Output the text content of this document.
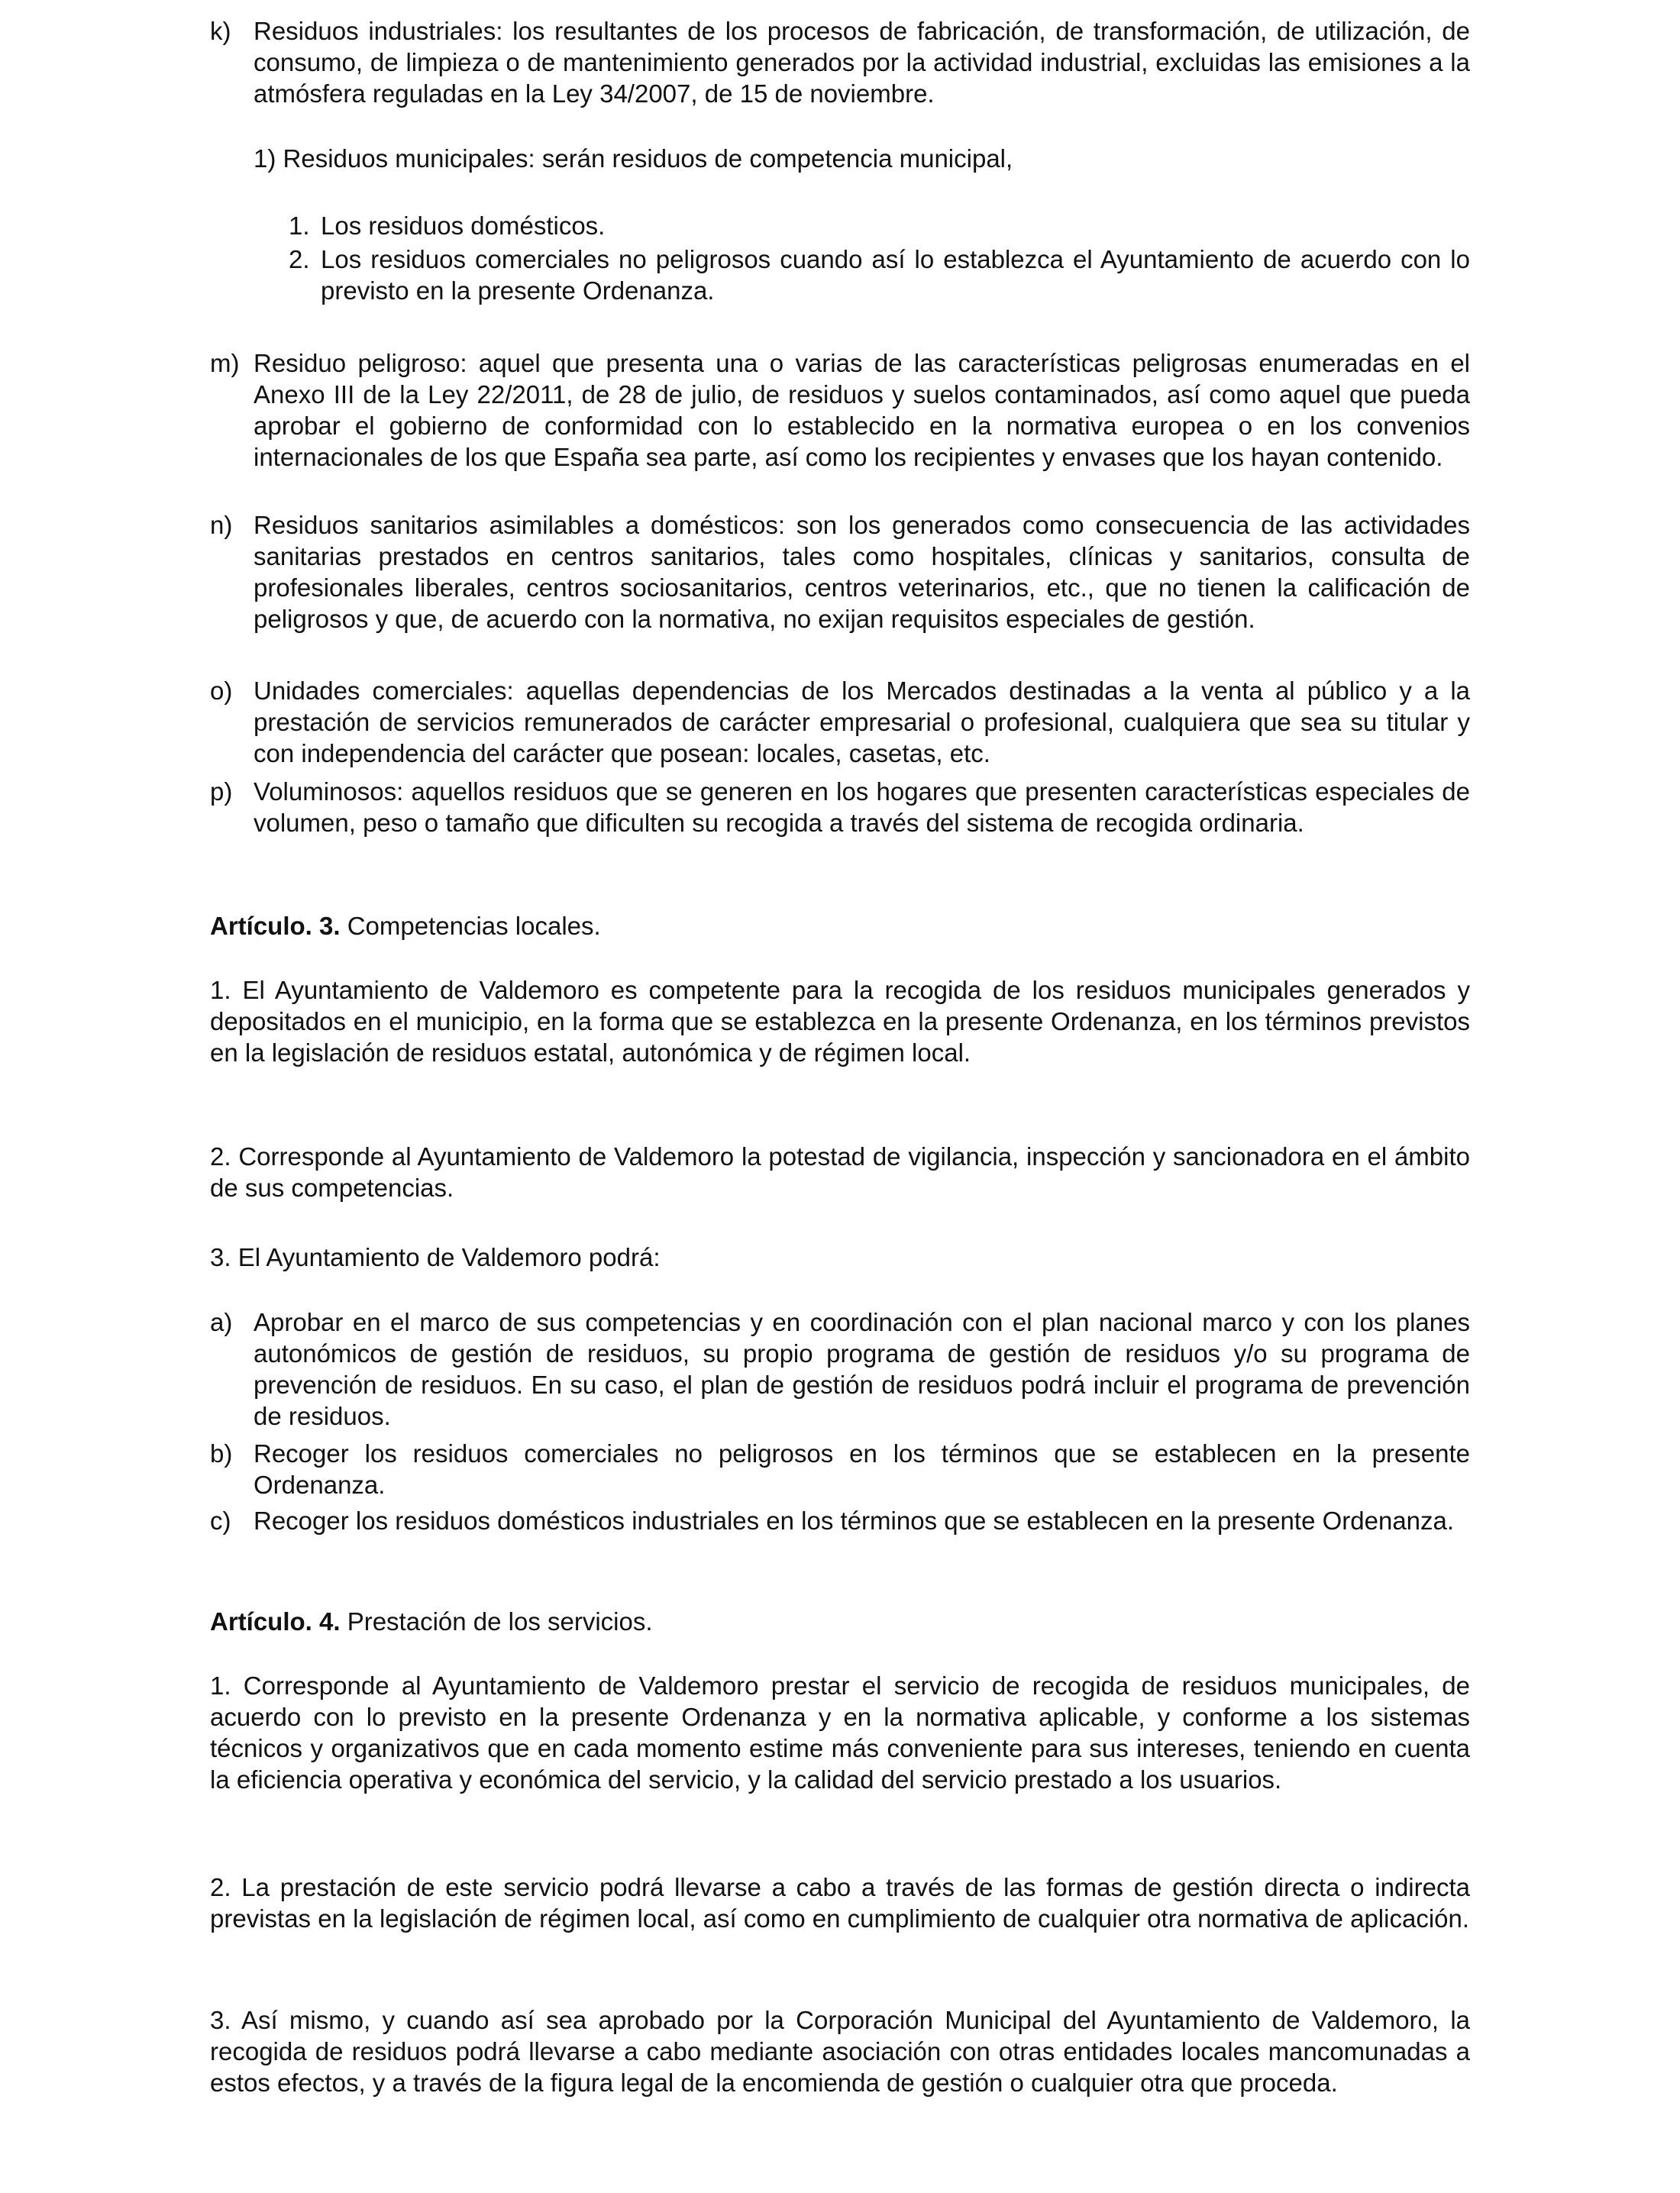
k) Residuos industriales: los resultantes de los procesos de fabricación, de transformación, de utilización, de consumo, de limpieza o de mantenimiento generados por la actividad industrial, excluidas las emisiones a la atmósfera reguladas en la Ley 34/2007, de 15 de noviembre.
1) Residuos municipales: serán residuos de competencia municipal,
1. Los residuos domésticos.
2. Los residuos comerciales no peligrosos cuando así lo establezca el Ayuntamiento de acuerdo con lo previsto en la presente Ordenanza.
m) Residuo peligroso: aquel que presenta una o varias de las características peligrosas enumeradas en el Anexo III de la Ley 22/2011, de 28 de julio, de residuos y suelos contaminados, así como aquel que pueda aprobar el gobierno de conformidad con lo establecido en la normativa europea o en los convenios internacionales de los que España sea parte, así como los recipientes y envases que los hayan contenido.
n) Residuos sanitarios asimilables a domésticos: son los generados como consecuencia de las actividades sanitarias prestados en centros sanitarios, tales como hospitales, clínicas y sanitarios, consulta de profesionales liberales, centros sociosanitarios, centros veterinarios, etc., que no tienen la calificación de peligrosos y que, de acuerdo con la normativa, no exijan requisitos especiales de gestión.
o) Unidades comerciales: aquellas dependencias de los Mercados destinadas a la venta al público y a la prestación de servicios remunerados de carácter empresarial o profesional, cualquiera que sea su titular y con independencia del carácter que posean: locales, casetas, etc.
p) Voluminosos: aquellos residuos que se generen en los hogares que presenten características especiales de volumen, peso o tamaño que dificulten su recogida a través del sistema de recogida ordinaria.
Artículo. 3. Competencias locales.
1. El Ayuntamiento de Valdemoro es competente para la recogida de los residuos municipales generados y depositados en el municipio, en la forma que se establezca en la presente Ordenanza, en los términos previstos en la legislación de residuos estatal, autonómica y de régimen local.
2. Corresponde al Ayuntamiento de Valdemoro la potestad de vigilancia, inspección y sancionadora en el ámbito de sus competencias.
3. El Ayuntamiento de Valdemoro podrá:
a) Aprobar en el marco de sus competencias y en coordinación con el plan nacional marco y con los planes autonómicos de gestión de residuos, su propio programa de gestión de residuos y/o su programa de prevención de residuos. En su caso, el plan de gestión de residuos podrá incluir el programa de prevención de residuos.
b) Recoger los residuos comerciales no peligrosos en los términos que se establecen en la presente Ordenanza.
c) Recoger los residuos domésticos industriales en los términos que se establecen en la presente Ordenanza.
Artículo. 4. Prestación de los servicios.
1. Corresponde al Ayuntamiento de Valdemoro prestar el servicio de recogida de residuos municipales, de acuerdo con lo previsto en la presente Ordenanza y en la normativa aplicable, y conforme a los sistemas técnicos y organizativos que en cada momento estime más conveniente para sus intereses, teniendo en cuenta la eficiencia operativa y económica del servicio, y la calidad del servicio prestado a los usuarios.
2. La prestación de este servicio podrá llevarse a cabo a través de las formas de gestión directa o indirecta previstas en la legislación de régimen local, así como en cumplimiento de cualquier otra normativa de aplicación.
3. Así mismo, y cuando así sea aprobado por la Corporación Municipal del Ayuntamiento de Valdemoro, la recogida de residuos podrá llevarse a cabo mediante asociación con otras entidades locales mancomunadas a estos efectos, y a través de la figura legal de la encomienda de gestión o cualquier otra que proceda.
